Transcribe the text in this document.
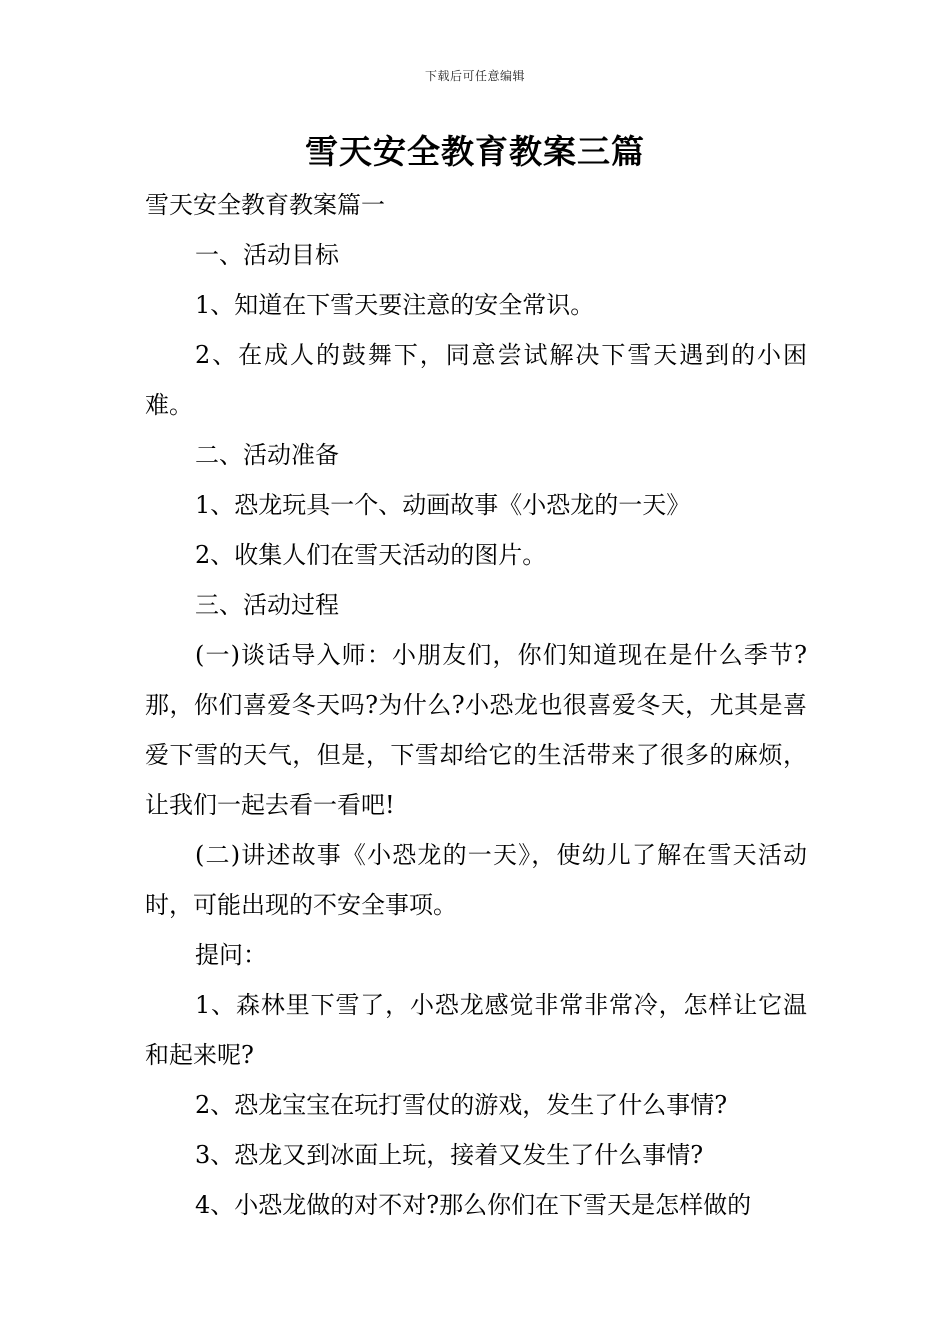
下载后可任意编辑
雪天安全教育教案三篇

雪天安全教育教案篇一

一、活动目标

1、知道在下雪天要注意的安全常识。

2、在成人的鼓舞下，同意尝试解决下雪天遇到的小困难。

二、活动准备

1、恐龙玩具一个、动画故事《小恐龙的一天》

2、收集人们在雪天活动的图片。

三、活动过程

(一)谈话导入师：小朋友们，你们知道现在是什么季节?那，你们喜爱冬天吗?为什么?小恐龙也很喜爱冬天，尤其是喜爱下雪的天气，但是，下雪却给它的生活带来了很多的麻烦，让我们一起去看一看吧!

(二)讲述故事《小恐龙的一天》，使幼儿了解在雪天活动时，可能出现的不安全事项。

提问：

1、森林里下雪了，小恐龙感觉非常非常冷，怎样让它温和起来呢?

2、恐龙宝宝在玩打雪仗的游戏，发生了什么事情?

3、恐龙又到冰面上玩，接着又发生了什么事情?

4、小恐龙做的对不对?那么你们在下雪天是怎样做的
